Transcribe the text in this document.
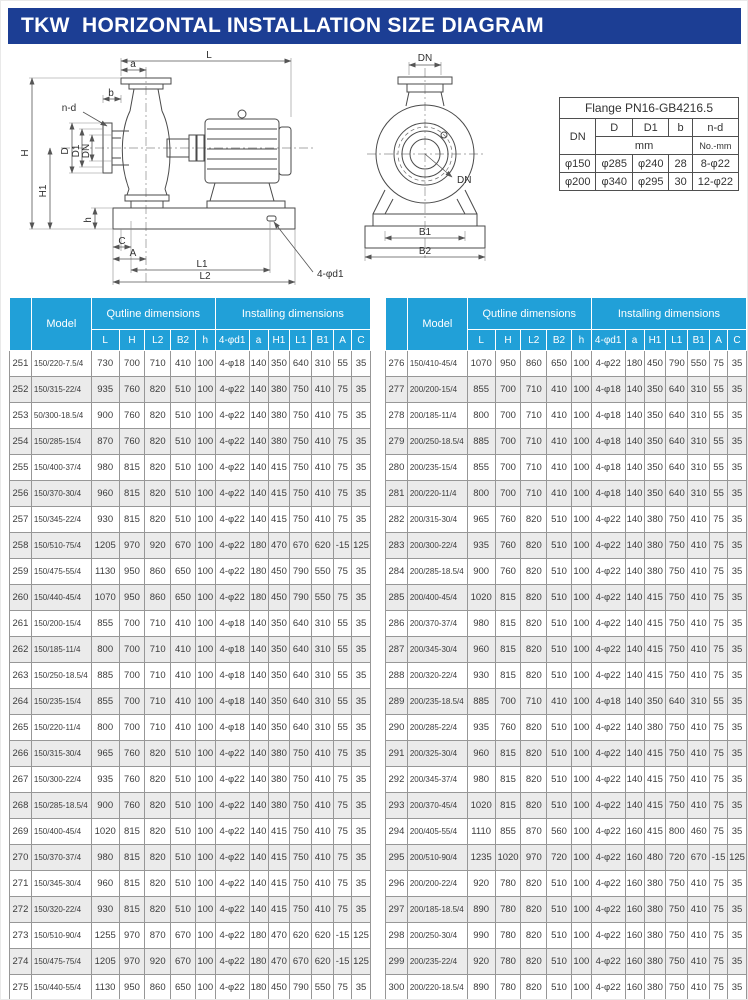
TKW  HORIZONTAL INSTALLATION SIZE DIAGRAM
L
a
b
n-d
H	D D1 DN
H1
h
C
A
L1
L2	4-φd1
DN
DN
B1
B2
Flange PN16-GB4216.5				
DN	D	D1	b	n-d
	mm			No.-mm
φ150	φ285	φ240	28	8-φ22
φ200	φ340	φ295	30	12-φ22
	Model	Qutline dimensions					Installing dimensions						
		L	H	L2	B2	h	4-φd1	a	H1	L1	B1	A	C
251	150/220-7.5/4	730	700	710	410	100	4-φ18	140	350	640	310	55	35
252	150/315-22/4	935	760	820	510	100	4-φ22	140	380	750	410	75	35
253	50/300-18.5/4	900	760	820	510	100	4-φ22	140	380	750	410	75	35
254	150/285-15/4	870	760	820	510	100	4-φ22	140	380	750	410	75	35
255	150/400-37/4	980	815	820	510	100	4-φ22	140	415	750	410	75	35
256	150/370-30/4	960	815	820	510	100	4-φ22	140	415	750	410	75	35
257	150/345-22/4	930	815	820	510	100	4-φ22	140	415	750	410	75	35
258	150/510-75/4	1205	970	920	670	100	4-φ22	180	470	670	620	-15	125
259	150/475-55/4	1130	950	860	650	100	4-φ22	180	450	790	550	75	35
260	150/440-45/4	1070	950	860	650	100	4-φ22	180	450	790	550	75	35
261	150/200-15/4	855	700	710	410	100	4-φ18	140	350	640	310	55	35
262	150/185-11/4	800	700	710	410	100	4-φ18	140	350	640	310	55	35
263	150/250-18.5/4	885	700	710	410	100	4-φ18	140	350	640	310	55	35
264	150/235-15/4	855	700	710	410	100	4-φ18	140	350	640	310	55	35
265	150/220-11/4	800	700	710	410	100	4-φ18	140	350	640	310	55	35
266	150/315-30/4	965	760	820	510	100	4-φ22	140	380	750	410	75	35
267	150/300-22/4	935	760	820	510	100	4-φ22	140	380	750	410	75	35
268	150/285-18.5/4	900	760	820	510	100	4-φ22	140	380	750	410	75	35
269	150/400-45/4	1020	815	820	510	100	4-φ22	140	415	750	410	75	35
270	150/370-37/4	980	815	820	510	100	4-φ22	140	415	750	410	75	35
271	150/345-30/4	960	815	820	510	100	4-φ22	140	415	750	410	75	35
272	150/320-22/4	930	815	820	510	100	4-φ22	140	415	750	410	75	35
273	150/510-90/4	1255	970	870	670	100	4-φ22	180	470	620	620	-15	125
274	150/475-75/4	1205	970	920	670	100	4-φ22	180	470	670	620	-15	125
275	150/440-55/4	1130	950	860	650	100	4-φ22	180	450	790	550	75	35
	Model	Qutline dimensions					Installing dimensions						
		L	H	L2	B2	h	4-φd1	a	H1	L1	B1	A	C
276	150/410-45/4	1070	950	860	650	100	4-φ22	180	450	790	550	75	35
277	200/200-15/4	855	700	710	410	100	4-φ18	140	350	640	310	55	35
278	200/185-11/4	800	700	710	410	100	4-φ18	140	350	640	310	55	35
279	200/250-18.5/4	885	700	710	410	100	4-φ18	140	350	640	310	55	35
280	200/235-15/4	855	700	710	410	100	4-φ18	140	350	640	310	55	35
281	200/220-11/4	800	700	710	410	100	4-φ18	140	350	640	310	55	35
282	200/315-30/4	965	760	820	510	100	4-φ22	140	380	750	410	75	35
283	200/300-22/4	935	760	820	510	100	4-φ22	140	380	750	410	75	35
284	200/285-18.5/4	900	760	820	510	100	4-φ22	140	380	750	410	75	35
285	200/400-45/4	1020	815	820	510	100	4-φ22	140	415	750	410	75	35
286	200/370-37/4	980	815	820	510	100	4-φ22	140	415	750	410	75	35
287	200/345-30/4	960	815	820	510	100	4-φ22	140	415	750	410	75	35
288	200/320-22/4	930	815	820	510	100	4-φ22	140	415	750	410	75	35
289	200/235-18.5/4	885	700	710	410	100	4-φ18	140	350	640	310	55	35
290	200/285-22/4	935	760	820	510	100	4-φ22	140	380	750	410	75	35
291	200/325-30/4	960	815	820	510	100	4-φ22	140	415	750	410	75	35
292	200/345-37/4	980	815	820	510	100	4-φ22	140	415	750	410	75	35
293	200/370-45/4	1020	815	820	510	100	4-φ22	140	415	750	410	75	35
294	200/405-55/4	1110	855	870	560	100	4-φ22	160	415	800	460	75	35
295	200/510-90/4	1235	1020	970	720	100	4-φ22	160	480	720	670	-15	125
296	200/200-22/4	920	780	820	510	100	4-φ22	160	380	750	410	75	35
297	200/185-18.5/4	890	780	820	510	100	4-φ22	160	380	750	410	75	35
298	200/250-30/4	990	780	820	510	100	4-φ22	160	380	750	410	75	35
299	200/235-22/4	920	780	820	510	100	4-φ22	160	380	750	410	75	35
300	200/220-18.5/4	890	780	820	510	100	4-φ22	160	380	750	410	75	35
